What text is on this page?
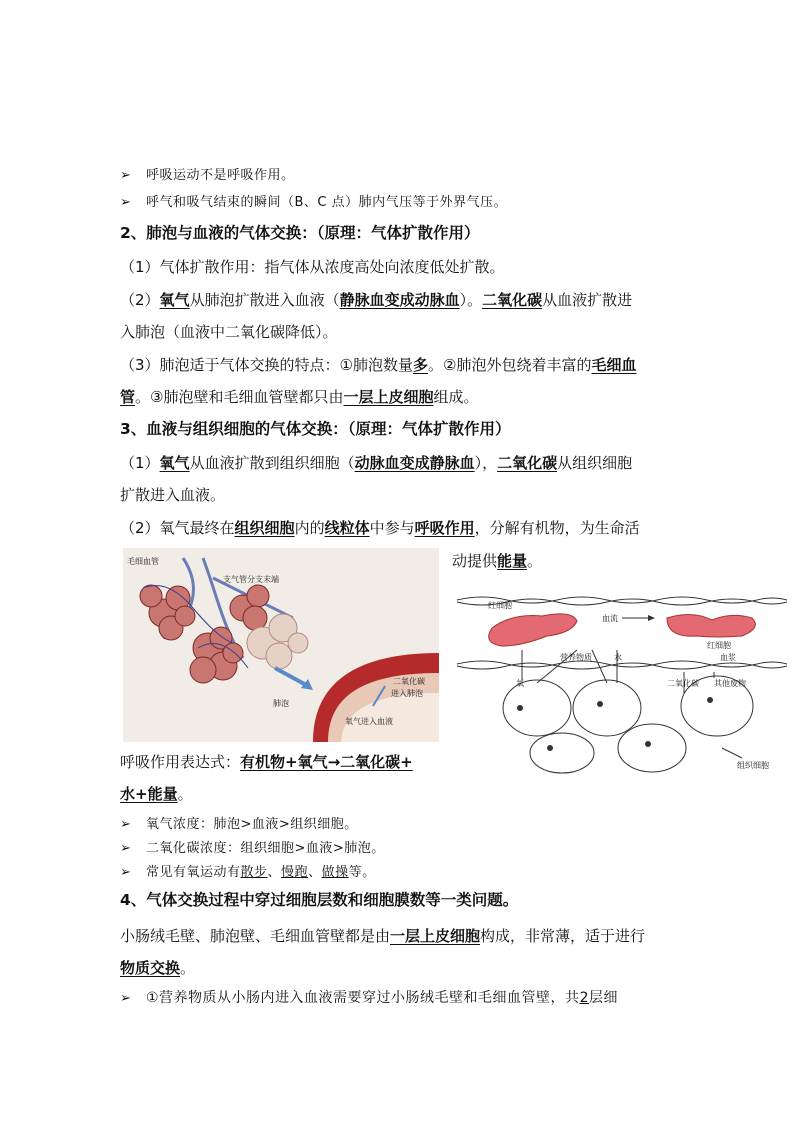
➢ 呼吸运动不是呼吸作用。
➢ 呼气和吸气结束的瞬间（B、C 点）肺内气压等于外界气压。
2、肺泡与血液的气体交换：（原理：气体扩散作用）
（1）气体扩散作用：指气体从浓度高处向浓度低处扩散。
（2）氧气从肺泡扩散进入血液（静脉血变成动脉血）。二氧化碳从血液扩散进
入肺泡（血液中二氧化碳降低）。
（3）肺泡适于气体交换的特点：①肺泡数量多。②肺泡外包绕着丰富的毛细血
管。③肺泡壁和毛细血管壁都只由一层上皮细胞组成。
3、血液与组织细胞的气体交换：（原理：气体扩散作用）
（1）氧气从血液扩散到组织细胞（动脉血变成静脉血），二氧化碳从组织细胞
扩散进入血液。
（2）氧气最终在组织细胞内的线粒体中参与呼吸作用，分解有机物，为生命活
动提供能量。
毛细血管
支气管分支末端
肺泡
二氧化碳
进入肺泡
氧气进入血液
红细胞
血流
红细胞
血浆
氧
营养物质	水
二氧化碳 其他废物
组织细胞
呼吸作用表达式：有机物+氧气→二氧化碳+
水+能量。
➢ 氧气浓度：肺泡>血液>组织细胞。
➢ 二氧化碳浓度：组织细胞>血液>肺泡。
➢ 常见有氧运动有散步、慢跑、做操等。
4、气体交换过程中穿过细胞层数和细胞膜数等一类问题。
小肠绒毛壁、肺泡壁、毛细血管壁都是由一层上皮细胞构成，非常薄，适于进行
物质交换。
➢ ①营养物质从小肠内进入血液需要穿过小肠绒毛壁和毛细血管壁，共2层细
